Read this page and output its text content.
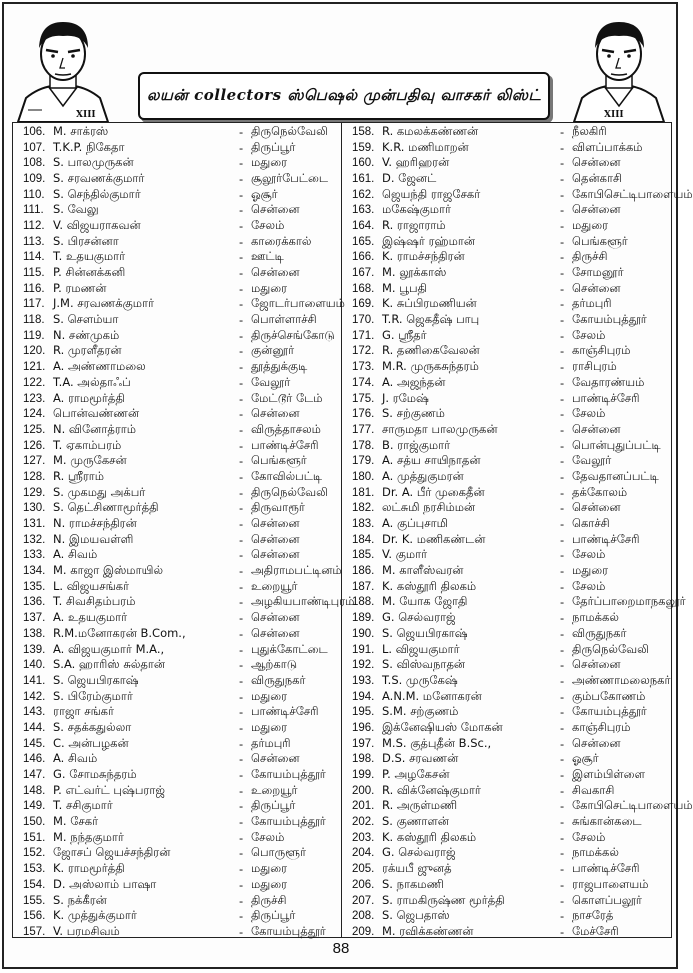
XIII
லயன் collectors ஸ்பெஷல் முன்பதிவு வாசகர் லிஸ்ட்
XIII
106. M. சாக்ரஸ்	- திருநெல்வேலி
107. T.K.P. நிகேதா	- திருப்பூர்
108. S. பாலமுருகன்	- மதுரை
109. S. சரவணக்குமார்	- சூலூர்பேட்டை
110. S. செந்தில்குமார்	- ஓசூர்
111. S. வேலு	- சென்னை
112. V. விஜயராகவன்	- சேலம்
113. S. பிரசன்னா	- காரைக்கால்
114. T. உதயகுமார்	- ஊட்டி
115. P. சின்னக்கனி	- சென்னை
116. P. ரமணன்	- மதுரை
117. J.M. சரவணக்குமார்	- ஜோடர்பாளையம்
118. S. செளம்யா	- பொள்ளாச்சி
119. N. சண்முகம்	- திருச்செங்கோடு
120. R. முரளீதரன்	- குன்னூர்
121. A. அண்ணாமலை	- தூத்துக்குடி
122. T.A. அல்தாஃப்	- வேலூர்
123. A. ராமமூர்த்தி	- மேட்டூர் டேம்
124. பொன்வண்ணன்	- சென்னை
125. N. வினோத்ராம்	- விருத்தாசலம்
126. T. ஏகாம்பரம்	- பாண்டிச்சேரி
127. M. முருகேசன்	- பெங்களூர்
128. R. ஸ்ரீராம்	- கோவில்பட்டி
129. S. முகமது அக்பர்	- திருநெல்வேலி
130. S. தெட்சிணாமூர்த்தி	- திருவாரூர்
131. N. ராமச்சந்திரன்	- சென்னை
132. N. இமயவள்ளி	- சென்னை
133. A. சிவம்	- சென்னை
134. M. காஜா இஸ்மாயில்	- அதிராமபட்டினம்
135. L. விஜயசங்கர்	- உறையூர்
136. T. சிவசிதம்பரம்	- அழகியபாண்டிபுரம்
137. A. உதயகுமார்	- சென்னை
138. R.M.மனோகரன் B.Com.,	- சென்னை
139. A. விஜயகுமார் M.A.,	- புதுக்கோட்டை
140. S.A. ஹாரிஸ் சுல்தான்	- ஆற்காடு
141. S. ஜெயபிரகாஷ்	- விருதுநகர்
142. S. பிரேம்குமார்	- மதுரை
143. ராஜா சங்கர்	- பாண்டிச்சேரி
144. S. சதக்கதுல்லா	- மதுரை
145. C. அன்பழகன்	- தர்மபுரி
146. A. சிவம்	- சென்னை
147. G. சோமசுந்தரம்	- கோயம்புத்தூர்
148. P. எட்வர்ட் புஷ்பராஜ்	- உறையூர்
149. T. சசிகுமார்	- திருப்பூர்
150. M. சேகர்	- கோயம்புத்தூர்
151. M. நந்தகுமார்	- சேலம்
152. ஜோசப் ஜெயச்சந்திரன்	- பொருளூர்
153. K. ராமமூர்த்தி	- மதுரை
154. D. அஸ்லாம் பாஷா	- மதுரை
155. S. நக்கீரன்	- திருச்சி
156. K. முத்துக்குமார்	- திருப்பூர்
157. V. பரமசிவம்	- கோயம்புத்தூர்
158. R. கமலக்கண்ணன்	- நீலகிரி
159. K.R. மணிமாறன்	- விளப்பாக்கம்
160. V. ஹரிஹரன்	- சென்னை
161. D. ஜேனட்	- தென்காசி
162. ஜெயந்தி ராஜசேகர்	- கோபிசெட்டிபாளையம்
163. மகேஷ்குமார்	- சென்னை
164. R. ராஜாராம்	- மதுரை
165. இஷ்ஷர் ரஹ்மான்	- பெங்களூர்
166. K. ராமச்சந்திரன்	- திருச்சி
167. M. லூக்காஸ்	- சோமனூர்
168. M. பூபதி	- சென்னை
169. K. சுப்பிரமணியன்	- தர்மபுரி
170. T.R. ஜெகதீஷ் பாபு	- கோயம்புத்தூர்
171. G. ஸ்ரீதர்	- சேலம்
172. R. தணிகைவேலன்	- காஞ்சிபுரம்
173. M.R. முருகசுந்தரம்	- ராசிபுரம்
174. A. அஜந்தன்	- வேதாரண்யம்
175. J. ரமேஷ்	- பாண்டிச்சேரி
176. S. சற்குணம்	- சேலம்
177. சாருமதா பாலமுருகன்	- சென்னை
178. B. ராஜ்குமார்	- பொன்புதுப்பட்டி
179. A. சத்ய சாயிநாதன்	- வேலூர்
180. A. முத்துகுமரன்	- தேவதானப்பட்டி
181. Dr. A. பீர் முகைதீன்	- தக்கோலம்
182. லட்சுமி நரசிம்மன்	- சென்னை
183. A. குப்புசாமி	- கொச்சி
184. Dr. K. மணிகண்டன்	- பாண்டிச்சேரி
185. V. குமார்	- சேலம்
186. M. காளீஸ்வரன்	- மதுரை
187. K. கஸ்தூரி திலகம்	- சேலம்
188. M. யோக ஜோதி	- தேர்ப்பாறைமாநகலூர்
189. G. செல்வராஜ்	- நாமக்கல்
190. S. ஜெயபிரகாஷ்	- விருதுநகர்
191. L. விஜயகுமார்	- திருநெல்வேலி
192. S. விஸ்வநாதன்	- சென்னை
193. T.S. முருகேஷ்	- அண்ணாமலைநகர்
194. A.N.M. மனோகரன்	- கும்பகோணம்
195. S.M. சற்குணம்	- கோயம்புத்தூர்
196. இக்னேஷியஸ் மோகன்	- காஞ்சிபுரம்
197. M.S. குத்புதீன் B.Sc.,	- சென்னை
198. D.S. சரவணன்	- ஓசூர்
199. P. அழகேசன்	- இளம்பிள்ளை
200. R. விக்னேஷ்குமார்	- சிவகாசி
201. R. அருள்மணி	- கோபிசெட்டிபாளையம்
202. S. குணாளன்	- சுங்கான்கடை
203. K. கஸ்தூரி திலகம்	- சேலம்
204. G. செல்வராஜ்	- நாமக்கல்
205. ரக்யபீ ஜுனத்	- பாண்டிச்சேரி
206. S. நாகமணி	- ராஜபாளையம்
207. S. ராமகிருஷ்ண மூர்த்தி	- கொளப்பலூர்
208. S. ஜெபதாஸ்	- நாசரேத்
209. M. ரவிக்கண்ணன்	- மேச்சேரி
88
